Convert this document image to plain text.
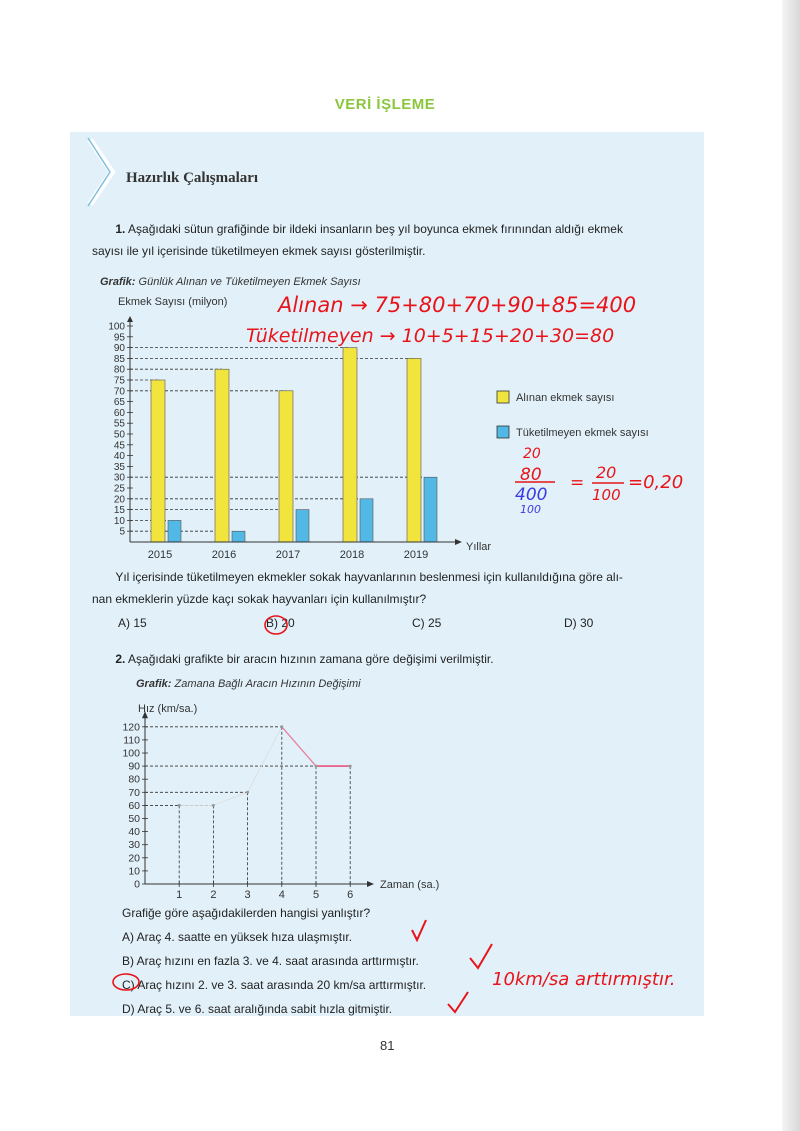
VERİ İŞLEME
Hazırlık Çalışmaları
1. Aşağıdaki sütun grafiğinde bir ildeki insanların beş yıl boyunca ekmek fırınından aldığı ekmek
sayısı ile yıl içerisinde tüketilmeyen ekmek sayısı gösterilmiştir.
Grafik: Günlük Alınan ve Tüketilmeyen Ekmek Sayısı
Yıl içerisinde tüketilmeyen ekmekler sokak hayvanlarının beslenmesi için kullanıldığına göre alı-
nan ekmeklerin yüzde kaçı sokak hayvanları için kullanılmıştır?
A) 15	B) 20	C) 25	D) 30
2. Aşağıdaki grafikte bir aracın hızının zamana göre değişimi verilmiştir.
Grafik: Zamana Bağlı Aracın Hızının Değişimi
Grafiğe göre aşağıdakilerden hangisi yanlıştır?
A) Araç 4. saatte en yüksek hıza ulaşmıştır.
B) Araç hızını en fazla 3. ve 4. saat arasında arttırmıştır.
C) Araç hızını 2. ve 3. saat arasında 20 km/sa arttırmıştır.
D) Araç 5. ve 6. saat aralığında sabit hızla gitmiştir.
5
10
15
20
25
30
35
40
45
50
55
60
65
70
75
80
85
90
95
100
2015	2016	2017	2018	2019
Ekmek Sayısı (milyon)
Yıllar
Alınan ekmek sayısı
Tüketilmeyen ekmek sayısı
0
10
20
30
40
50
60
70
80
90
100
110
120
1	2	3	4	5	6
Hız (km/sa.)
Zaman (sa.)
Alınan → 75+80+70+90+85=400
Tüketilmeyen → 10+5+15+20+30=80
20
80
400
100
=
20
100
=0,20
10km/sa arttırmıştır.
81
